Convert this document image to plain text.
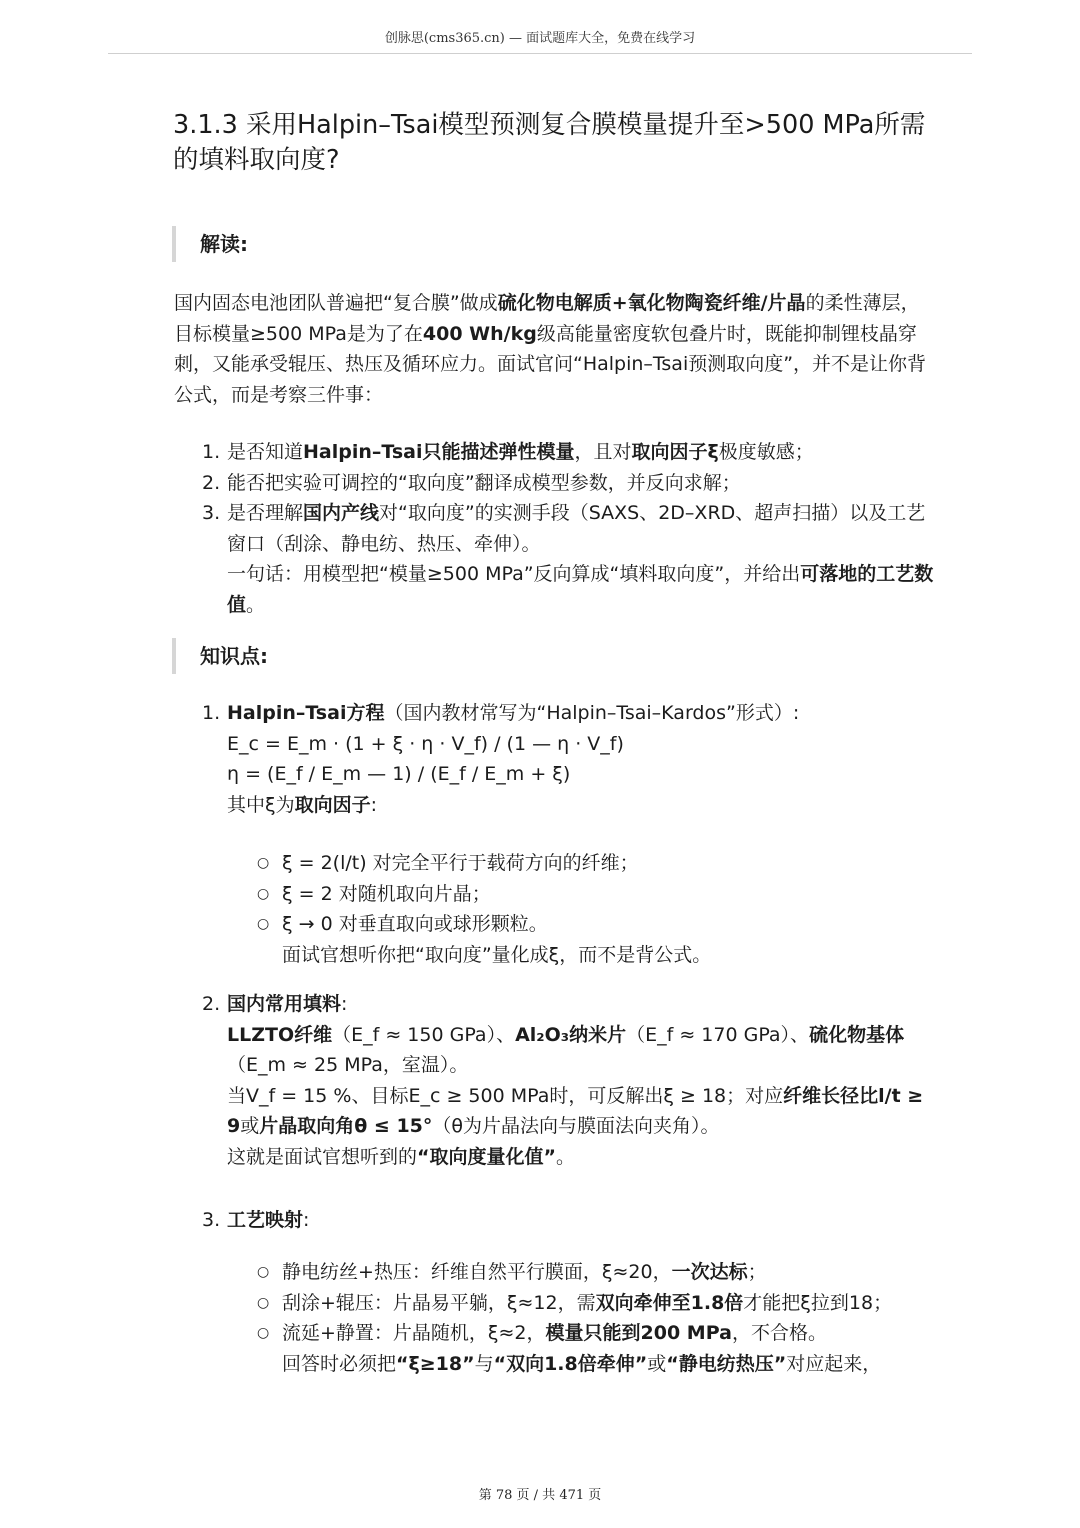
创脉思(cms365.cn) — 面试题库大全，免费在线学习
3.1.3 采用Halpin–Tsai模型预测复合膜模量提升至>500 MPa所需的填料取向度?
解读:
国内固态电池团队普遍把“复合膜”做成硫化物电解质+氧化物陶瓷纤维/片晶的柔性薄层，目标模量≥500 MPa是为了在400 Wh/kg级高能量密度软包叠片时，既能抑制锂枝晶穿刺，又能承受辊压、热压及循环应力。面试官问“Halpin–Tsai预测取向度”，并不是让你背公式，而是考察三件事：
1. 是否知道Halpin–Tsai只能描述弹性模量，且对取向因子ξ极度敏感；
2. 能否把实验可调控的“取向度”翻译成模型参数，并反向求解；
3. 是否理解国内产线对“取向度”的实测手段（SAXS、2D–XRD、超声扫描）以及工艺窗口（刮涂、静电纺、热压、牵伸）。
一句话：用模型把“模量≥500 MPa”反向算成“填料取向度”，并给出可落地的工艺数值。
知识点:
1. Halpin–Tsai方程（国内教材常写为“Halpin–Tsai–Kardos”形式）:
E_c = E_m · (1 + ξ · η · V_f) / (1 — η · V_f)
η = (E_f / E_m — 1) / (E_f / E_m + ξ)
其中ξ为取向因子:
○ ξ = 2(l/t) 对完全平行于载荷方向的纤维；
○ ξ = 2 对随机取向片晶；
○ ξ → 0 对垂直取向或球形颗粒。
面试官想听你把“取向度”量化成ξ，而不是背公式。
2. 国内常用填料:
LLZTO纤维（E_f ≈ 150 GPa）、Al₂O₃纳米片（E_f ≈ 170 GPa）、硫化物基体（E_m ≈ 25 MPa，室温）。
当V_f = 15 %、目标E_c ≥ 500 MPa时，可反解出ξ ≥ 18；对应纤维长径比l/t ≥ 9或片晶取向角θ ≤ 15°（θ为片晶法向与膜面法向夹角）。
这就是面试官想听到的“取向度量化值”。
3. 工艺映射:
○ 静电纺丝+热压：纤维自然平行膜面，ξ≈20，一次达标；
○ 刮涂+辊压：片晶易平躺，ξ≈12，需双向牵伸至1.8倍才能把ξ拉到18；
○ 流延+静置：片晶随机，ξ≈2，模量只能到200 MPa，不合格。
回答时必须把“ξ≥18”与“双向1.8倍牵伸”或“静电纺热压”对应起来，
第 78 页 / 共 471 页
